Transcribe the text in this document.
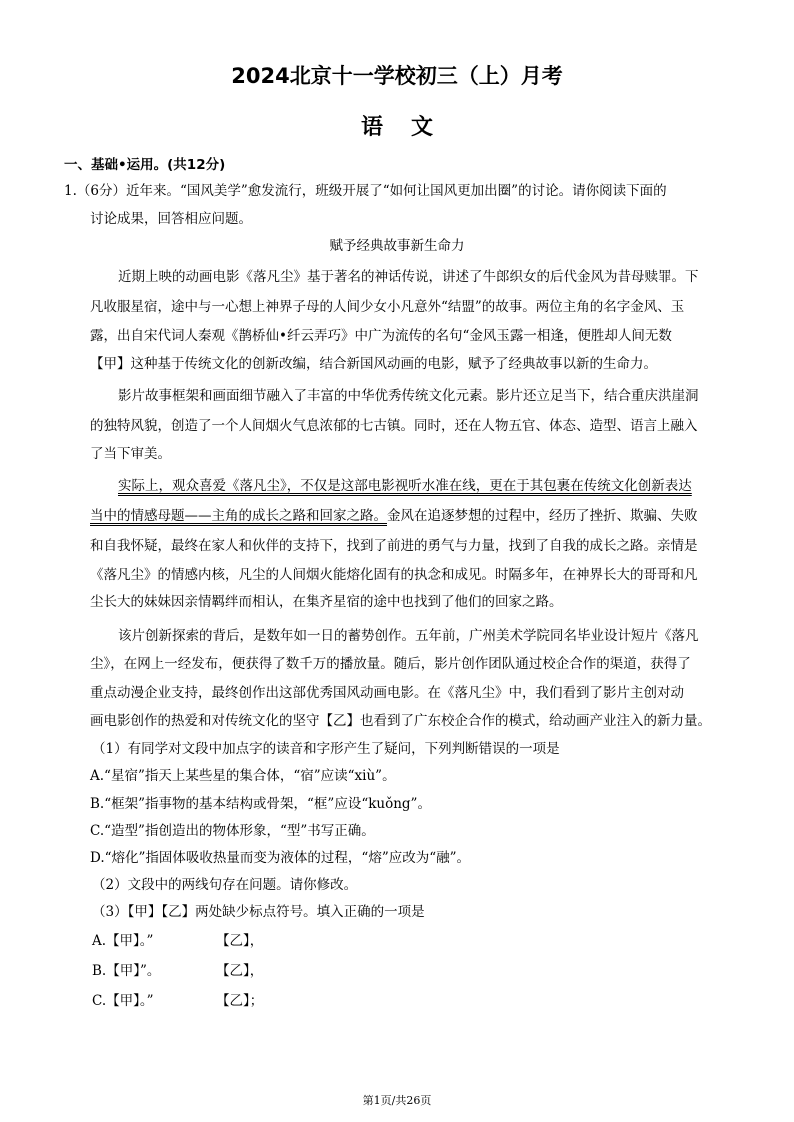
2024北京十一学校初三（上）月考
语文
一、基础•运用。(共12分)
1.（6分）近年来。“国风美学”愈发流行，班级开展了“如何让国风更加出圈”的讨论。请你阅读下面的
讨论成果，回答相应问题。
赋予经典故事新生命力
近期上映的动画电影《落凡尘》基于著名的神话传说，讲述了牛郎织女的后代金风为昔母赎罪。下
凡收服星宿，途中与一心想上神界子母的人间少女小凡意外“结盟”的故事。两位主角的名字金风、玉
露，出自宋代词人秦观《鹊桥仙•纤云弄巧》中广为流传的名句“金风玉露一相逢，便胜却人间无数
【甲】这种基于传统文化的创新改编，结合新国风动画的电影，赋予了经典故事以新的生命力。
影片故事框架和画面细节融入了丰富的中华优秀传统文化元素。影片还立足当下，结合重庆洪崖洞
的独特风貌，创造了一个人间烟火气息浓郁的七古镇。同时，还在人物五官、体态、造型、语言上融入
了当下审美。
实际上，观众喜爱《落凡尘》，不仅是这部电影视听水准在线，更在于其包裹在传统文化创新表达
当中的情感母题——主角的成长之路和回家之路。金风在追逐梦想的过程中，经历了挫折、欺骗、失败
和自我怀疑，最终在家人和伙伴的支持下，找到了前进的勇气与力量，找到了自我的成长之路。亲情是
《落凡尘》的情感内核，凡尘的人间烟火能熔化固有的执念和成见。时隔多年，在神界长大的哥哥和凡
尘长大的妹妹因亲情羁绊而相认，在集齐星宿的途中也找到了他们的回家之路。
该片创新探索的背后，是数年如一日的蓄势创作。五年前，广州美术学院同名毕业设计短片《落凡
尘》，在网上一经发布，便获得了数千万的播放量。随后，影片创作团队通过校企合作的渠道，获得了
重点动漫企业支持，最终创作出这部优秀国风动画电影。在《落凡尘》中，我们看到了影片主创对动
画电影创作的热爱和对传统文化的坚守【乙】也看到了广东校企合作的模式，给动画产业注入的新力量。
（1）有同学对文段中加点字的读音和字形产生了疑问，下列判断错误的一项是
A.“星宿”指天上某些星的集合体，“宿”应读“xiù”。
B.“框架”指事物的基本结构或骨架，“框”应设“kuǒng”。
C.“造型”指创造出的物体形象，“型”书写正确。
D.“熔化”指固体吸收热量而变为液体的过程，“熔”应改为“融”。
（2）文段中的两线句存在问题。请你修改。
（3）【甲】【乙】两处缺少标点符号。填入正确的一项是
A.【甲】。”	【乙】，
B.【甲】”。	【乙】，
C.【甲】。”	【乙】；
第1页/共26页
